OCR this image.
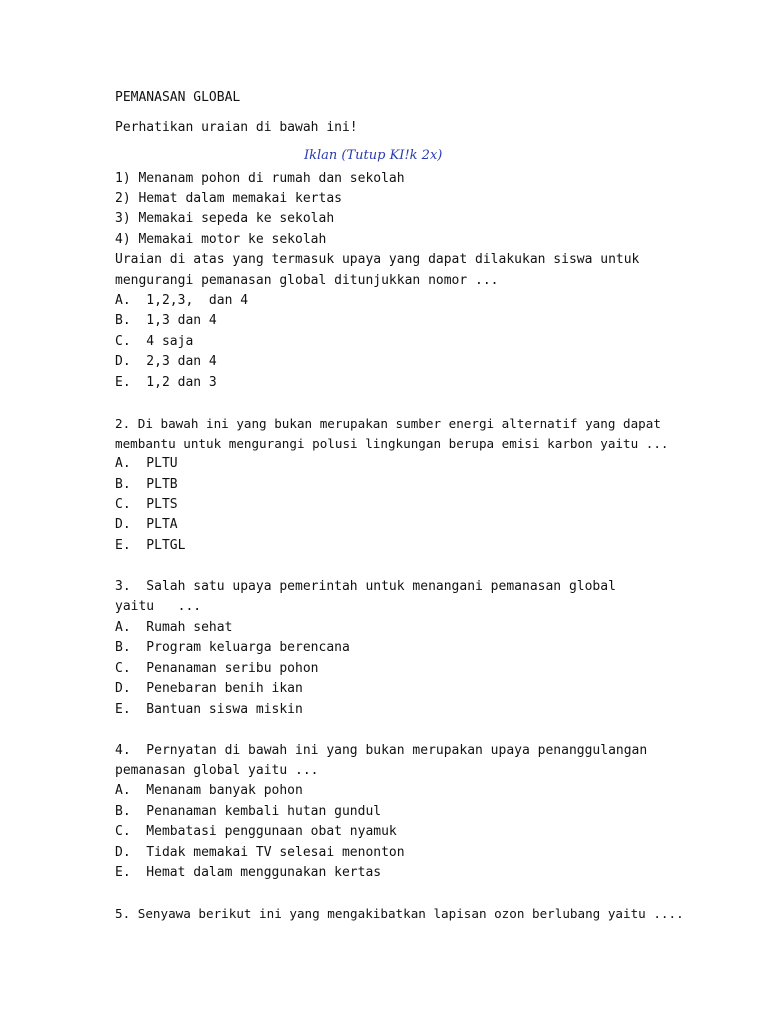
PEMANASAN GLOBAL
Perhatikan uraian di bawah ini!
Iklan (Tutup KI!k 2x)
1) Menanam pohon di rumah dan sekolah
2) Hemat dalam memakai kertas
3) Memakai sepeda ke sekolah
4) Memakai motor ke sekolah
Uraian di atas yang termasuk upaya yang dapat dilakukan siswa untuk
mengurangi pemanasan global ditunjukkan nomor ...
A.  1,2,3,  dan 4
B.  1,3 dan 4
C.  4 saja
D.  2,3 dan 4
E.  1,2 dan 3
2. Di bawah ini yang bukan merupakan sumber energi alternatif yang dapat
membantu untuk mengurangi polusi lingkungan berupa emisi karbon yaitu ...
A.  PLTU
B.  PLTB
C.  PLTS
D.  PLTA
E.  PLTGL
3.  Salah satu upaya pemerintah untuk menangani pemanasan global
yaitu   ...
A.  Rumah sehat
B.  Program keluarga berencana
C.  Penanaman seribu pohon
D.  Penebaran benih ikan
E.  Bantuan siswa miskin
4.  Pernyatan di bawah ini yang bukan merupakan upaya penanggulangan
pemanasan global yaitu ...
A.  Menanam banyak pohon
B.  Penanaman kembali hutan gundul
C.  Membatasi penggunaan obat nyamuk
D.  Tidak memakai TV selesai menonton
E.  Hemat dalam menggunakan kertas
5. Senyawa berikut ini yang mengakibatkan lapisan ozon berlubang yaitu ....
